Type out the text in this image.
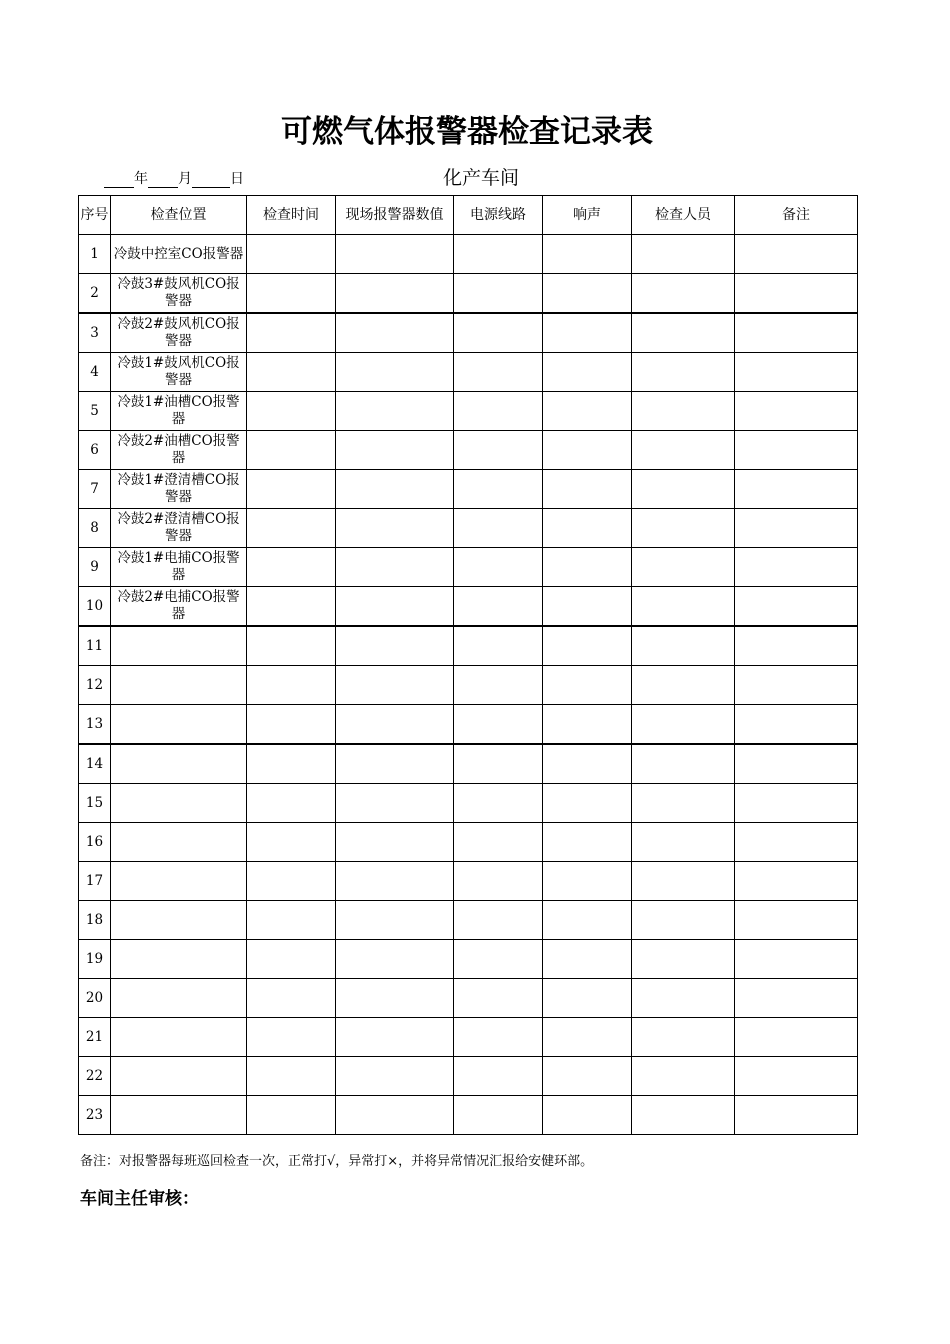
可燃气体报警器检查记录表
年 月	日	化产车间
序号	检查位置	检查时间	现场报警器数值	电源线路	响声	检查人员	备注
1	冷鼓中控室CO报警器						
2	冷鼓3#鼓风机CO报警器						
3	冷鼓2#鼓风机CO报警器						
4	冷鼓1#鼓风机CO报警器						
5	冷鼓1#油槽CO报警器						
6	冷鼓2#油槽CO报警器						
7	冷鼓1#澄清槽CO报警器						
8	冷鼓2#澄清槽CO报警器						
9	冷鼓1#电捕CO报警器						
10	冷鼓2#电捕CO报警器						
11							
12							
13							
14							
15							
16							
17							
18							
19							
20							
21							
22							
23							
备注：对报警器每班巡回检查一次，正常打√，异常打×，并将异常情况汇报给安健环部。
车间主任审核：
